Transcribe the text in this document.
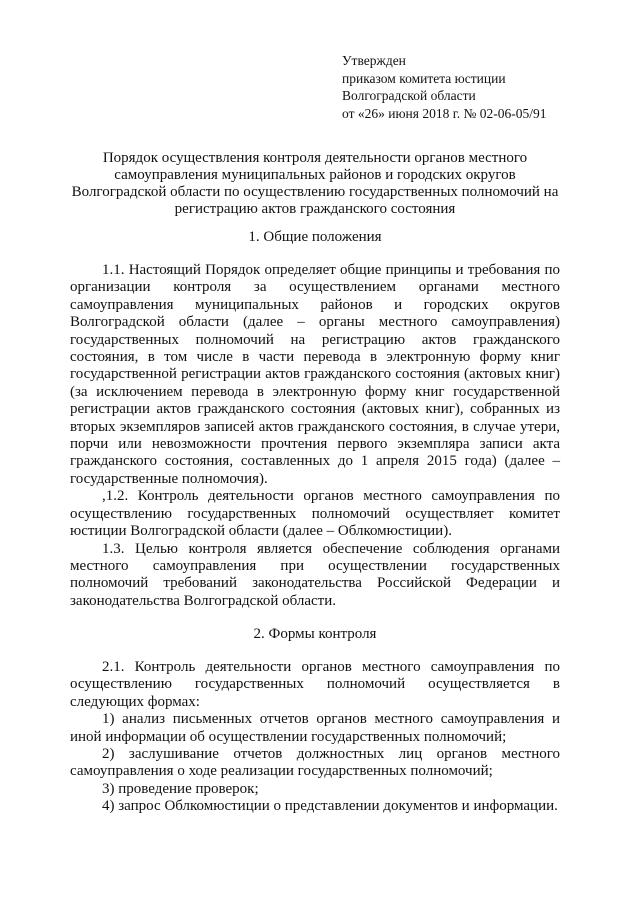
Утвержден
приказом комитета юстиции
Волгоградской области
от «26» июня 2018 г. № 02-06-05/91
Порядок осуществления контроля деятельности органов местного самоуправления муниципальных районов и городских округов Волгоградской области по осуществлению государственных полномочий на регистрацию актов гражданского состояния
1. Общие положения

1.1. Настоящий Порядок определяет общие принципы и требования по организации контроля за осуществлением органами местного самоуправления муниципальных районов и городских округов Волгоградской области (далее – органы местного самоуправления) государственных полномочий на регистрацию актов гражданского состояния, в том числе в части перевода в электронную форму книг государственной регистрации актов гражданского состояния (актовых книг) (за исключением перевода в электронную форму книг государственной регистрации актов гражданского состояния (актовых книг), собранных из вторых экземпляров записей актов гражданского состояния, в случае утери, порчи или невозможности прочтения первого экземпляра записи акта гражданского состояния, составленных до 1 апреля 2015 года) (далее – государственные полномочия).

,1.2. Контроль деятельности органов местного самоуправления по осуществлению государственных полномочий осуществляет комитет юстиции Волгоградской области (далее – Облкомюстиции).

1.3. Целью контроля является обеспечение соблюдения органами местного самоуправления при осуществлении государственных полномочий требований законодательства Российской Федерации и законодательства Волгоградской области.

2. Формы контроля

2.1. Контроль деятельности органов местного самоуправления по осуществлению государственных полномочий осуществляется в следующих формах:

1) анализ письменных отчетов органов местного самоуправления и иной информации об осуществлении государственных полномочий;

2) заслушивание отчетов должностных лиц органов местного самоуправления о ходе реализации государственных полномочий;

3) проведение проверок;

4) запрос Облкомюстиции о представлении документов и информации.
